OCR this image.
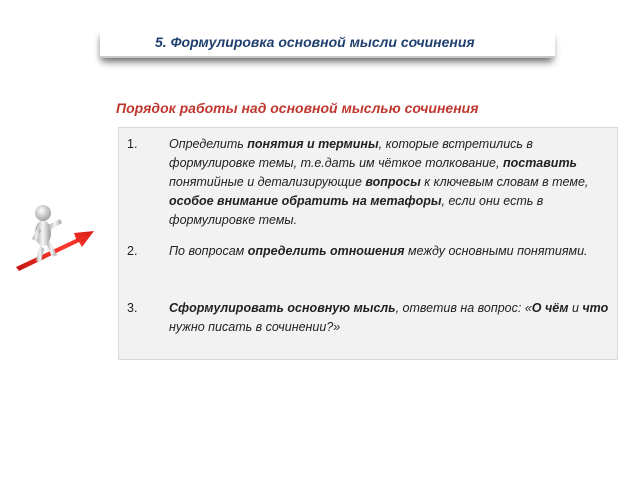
5. Формулировка основной мысли сочинения
Порядок работы над основной мыслью сочинения
1.	Определить понятия и термины, которые встретились в формулировке темы, т.е.дать им чёткое толкование, поставить понятийные и детализирующие вопросы к ключевым словам в теме, особое внимание обратить на метафоры, если они есть в формулировке темы.
2.	По вопросам определить отношения между основными понятиями.
3.	Сформулировать основную мысль, ответив на вопрос: «О чём и что нужно писать в сочинении?»
